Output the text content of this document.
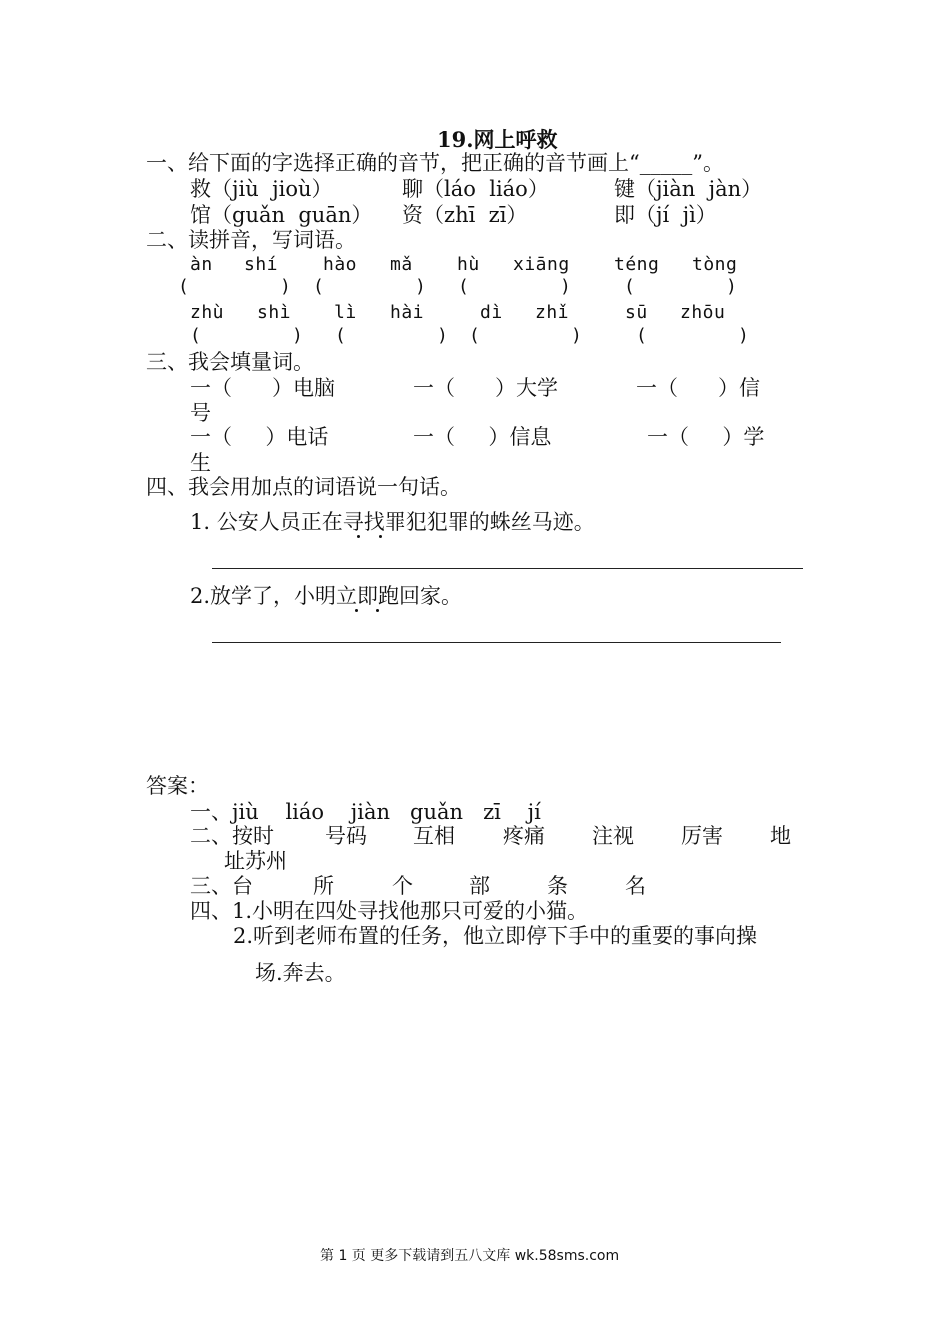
19.网上呼救
一、给下面的字选择正确的音节，把正确的音节画上“_____”。
救（jiù  jioù）	聊（láo  liáo）	键（jiàn  jàn）
馆（guǎn  guān） 资（zhī  zī）	即（jí  jì）
二、读拼音，写词语。
àn shí hào mǎ hù xiāng téng tòng
(        ) (        ) (        )	(        )
zhù shì lì hài	dì zhǐ	sū zhōu
(        ) (        ) (        )	(        )
三、我会填量词。
一（      ）电脑	一（      ）大学	一（      ）信
号
一（     ）电话	一（     ）信息	一（     ）学
生
四、我会用加点的词语说一句话。
1. 公安人员正在寻找罪犯犯罪的蛛丝马迹。
2.放学了，小明立即跑回家。
答案：
一、jiù    liáo    jiàn   guǎn   zī    jí
二、按时 号码 互相 疼痛 注视 厉害 地
址苏州
三、台	所	个	部	条	名
四、1.小明在四处寻找他那只可爱的小猫。
2.听到老师布置的任务，他立即停下手中的重要的事向操
场.奔去。
第 1 页 更多下载请到五八文库 wk.58sms.com
